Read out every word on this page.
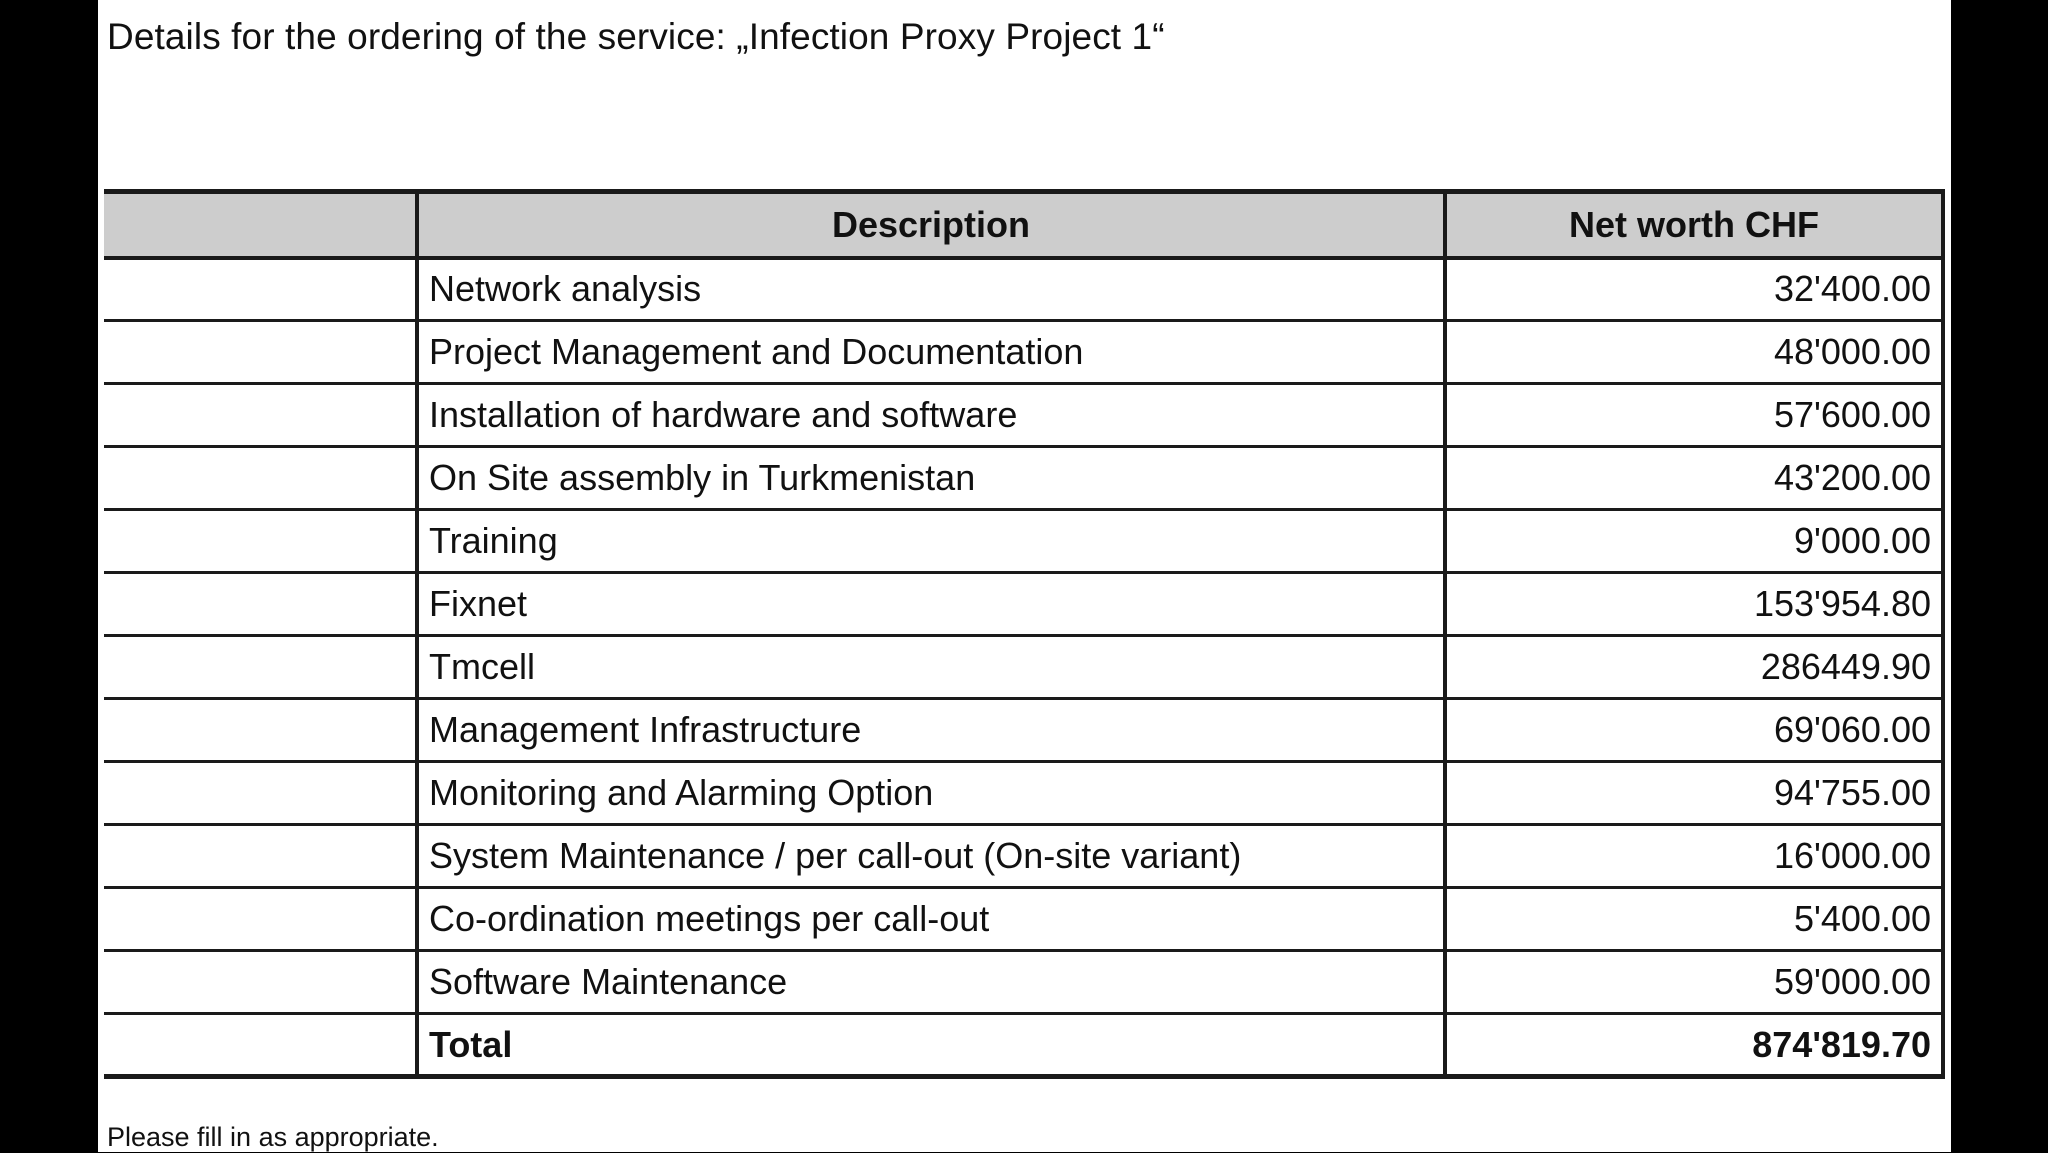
Details for the ordering of the service: „Infection Proxy Project 1“
	Description	Net worth CHF
	Network analysis	32'400.00
	Project Management and Documentation	48'000.00
	Installation of hardware and software	57'600.00
	On Site assembly in Turkmenistan	43'200.00
	Training	9'000.00
	Fixnet	153'954.80
	Tmcell	286449.90
	Management Infrastructure	69'060.00
	Monitoring and Alarming Option	94'755.00
	System Maintenance / per call-out (On-site variant)	16'000.00
	Co-ordination meetings per call-out	5'400.00
	Software Maintenance	59'000.00
	Total	874'819.70
Please fill in as appropriate.
